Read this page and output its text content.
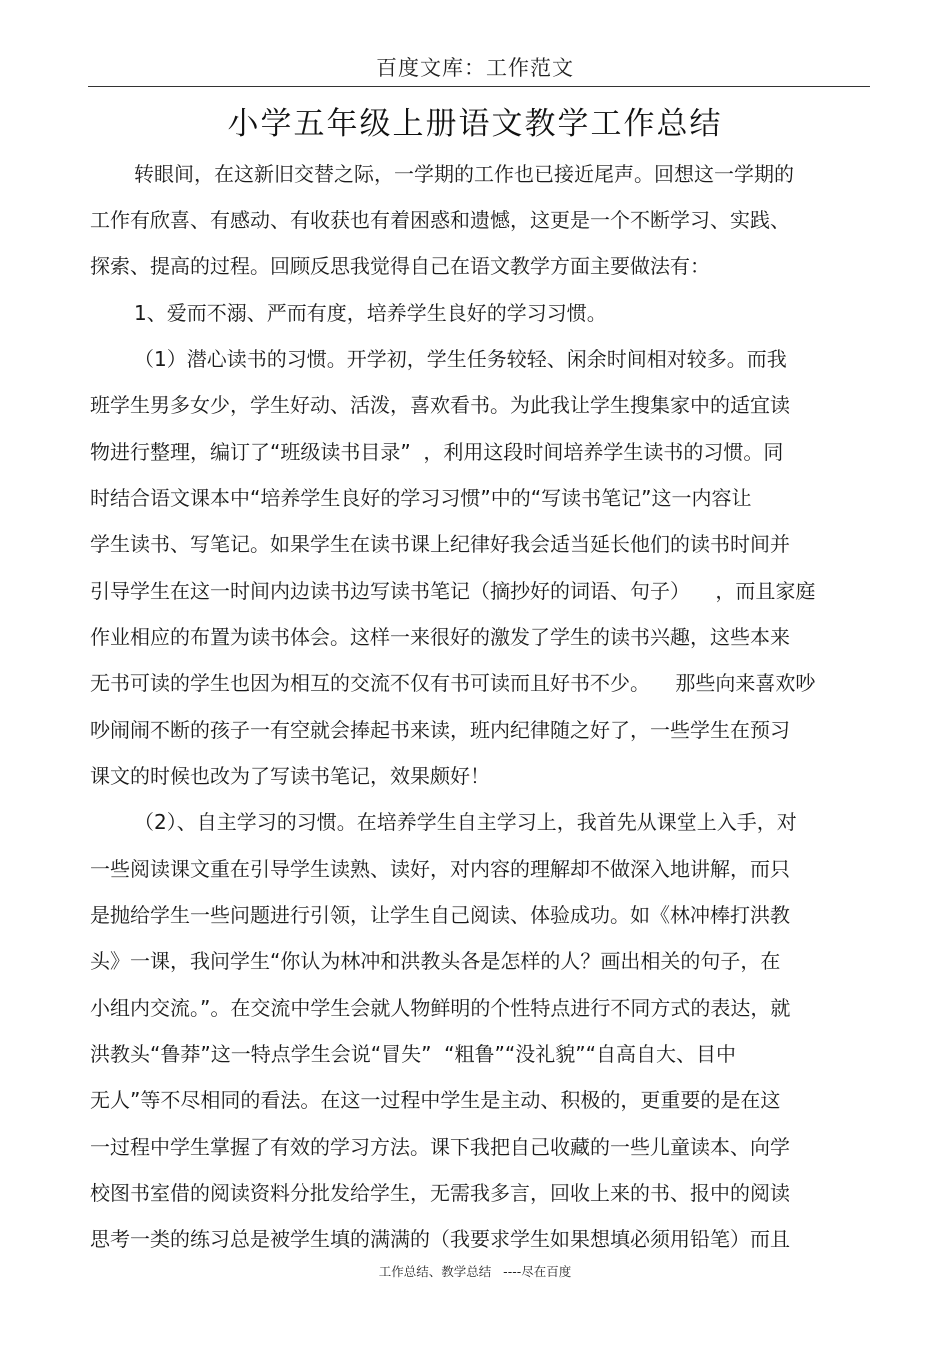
百度文库：工作范文
小学五年级上册语文教学工作总结
转眼间，在这新旧交替之际，一学期的工作也已接近尾声。回想这一学期的
工作有欣喜、有感动、有收获也有着困惑和遗憾，这更是一个不断学习、实践、
探索、提高的过程。回顾反思我觉得自己在语文教学方面主要做法有：
1、爱而不溺、严而有度，培养学生良好的学习习惯。
（1）潜心读书的习惯。开学初，学生任务较轻、闲余时间相对较多。而我
班学生男多女少，学生好动、活泼，喜欢看书。为此我让学生搜集家中的适宜读
物进行整理，编订了“班级读书目录”  ，利用这段时间培养学生读书的习惯。同
时结合语文课本中“培养学生良好的学习习惯”中的“写读书笔记”这一内容让
学生读书、写笔记。如果学生在读书课上纪律好我会适当延长他们的读书时间并
引导学生在这一时间内边读书边写读书笔记（摘抄好的词语、句子）    ，而且家庭
作业相应的布置为读书体会。这样一来很好的激发了学生的读书兴趣，这些本来
无书可读的学生也因为相互的交流不仅有书可读而且好书不少。    那些向来喜欢吵
吵闹闹不断的孩子一有空就会捧起书来读，班内纪律随之好了，一些学生在预习
课文的时候也改为了写读书笔记，效果颇好！
（2）、自主学习的习惯。在培养学生自主学习上，我首先从课堂上入手，对
一些阅读课文重在引导学生读熟、读好，对内容的理解却不做深入地讲解，而只
是抛给学生一些问题进行引领，让学生自己阅读、体验成功。如《林冲棒打洪教
头》一课，我问学生“你认为林冲和洪教头各是怎样的人？画出相关的句子，在
小组内交流。”。在交流中学生会就人物鲜明的个性特点进行不同方式的表达，就
洪教头“鲁莽”这一特点学生会说“冒失”  “粗鲁”“没礼貌”“自高自大、目中
无人”等不尽相同的看法。在这一过程中学生是主动、积极的，更重要的是在这
一过程中学生掌握了有效的学习方法。课下我把自己收藏的一些儿童读本、向学
校图书室借的阅读资料分批发给学生，无需我多言，回收上来的书、报中的阅读
思考一类的练习总是被学生填的满满的（我要求学生如果想填必须用铅笔）而且
工作总结、教学总结   ----尽在百度
